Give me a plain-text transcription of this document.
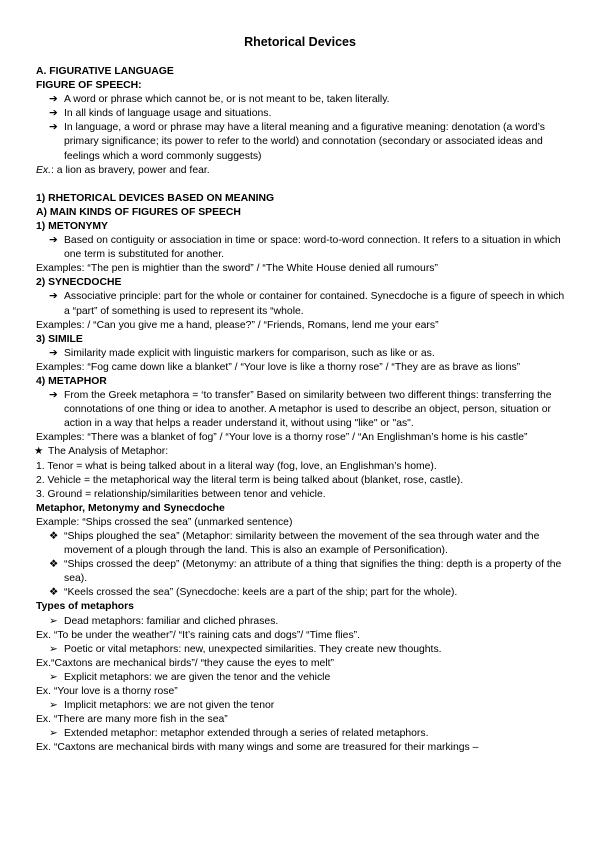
Rhetorical Devices
A. FIGURATIVE LANGUAGE
FIGURE OF SPEECH:
➔ A word or phrase which cannot be, or is not meant to be, taken literally.
➔ In all kinds of language usage and situations.
➔ In language, a word or phrase may have a literal meaning and a figurative meaning: denotation (a word’s primary significance; its power to refer to the world) and connotation (secondary or associated ideas and feelings which a word commonly suggests)
Ex.: a lion as bravery, power and fear.
1) RHETORICAL DEVICES BASED ON MEANING
A) MAIN KINDS OF FIGURES OF SPEECH
1) METONYMY
➔ Based on contiguity or association in time or space: word-to-word connection. It refers to a situation in which one term is substituted for another.
Examples: “The pen is mightier than the sword” / “The White House denied all rumours”
2) SYNECDOCHE
➔ Associative principle: part for the whole or container for contained. Synecdoche is a figure of speech in which a “part” of something is used to represent its “whole.
Examples: / “Can you give me a hand, please?” / “Friends, Romans, lend me your ears”
3) SIMILE
➔ Similarity made explicit with linguistic markers for comparison, such as like or as.
Examples: “Fog came down like a blanket” / “Your love is like a thorny rose” / “They are as brave as lions”
4) METAPHOR
➔ From the Greek metaphora = ‘to transfer” Based on similarity between two different things: transferring the connotations of one thing or idea to another. A metaphor is used to describe an object, person, situation or action in a way that helps a reader understand it, without using "like" or "as".
Examples: “There was a blanket of fog” / “Your love is a thorny rose” / “An Englishman’s home is his castle”
★ The Analysis of Metaphor:
1. Tenor = what is being talked about in a literal way (fog, love, an Englishman’s home).
2. Vehicle = the metaphorical way the literal term is being talked about (blanket, rose, castle).
3. Ground = relationship/similarities between tenor and vehicle.
Metaphor, Metonymy and Synecdoche
Example: “Ships crossed the sea” (unmarked sentence)
❖ “Ships ploughed the sea” (Metaphor: similarity between the movement of the sea through water and the movement of a plough through the land. This is also an example of Personification).
❖ “Ships crossed the deep” (Metonymy: an attribute of a thing that signifies the thing: depth is a property of the sea).
❖ “Keels crossed the sea” (Synecdoche: keels are a part of the ship; part for the whole).
Types of metaphors
➢ Dead metaphors: familiar and cliched phrases.
Ex. “To be under the weather”/ “It’s raining cats and dogs”/ “Time flies”.
➢ Poetic or vital metaphors: new, unexpected similarities. They create new thoughts.
Ex.“Caxtons are mechanical birds”/ “they cause the eyes to melt”
➢ Explicit metaphors: we are given the tenor and the vehicle
Ex. “Your love is a thorny rose”
➢ Implicit metaphors: we are not given the tenor
Ex. “There are many more fish in the sea”
➢ Extended metaphor: metaphor extended through a series of related metaphors.
Ex. “Caxtons are mechanical birds with many wings and some are treasured for their markings –
